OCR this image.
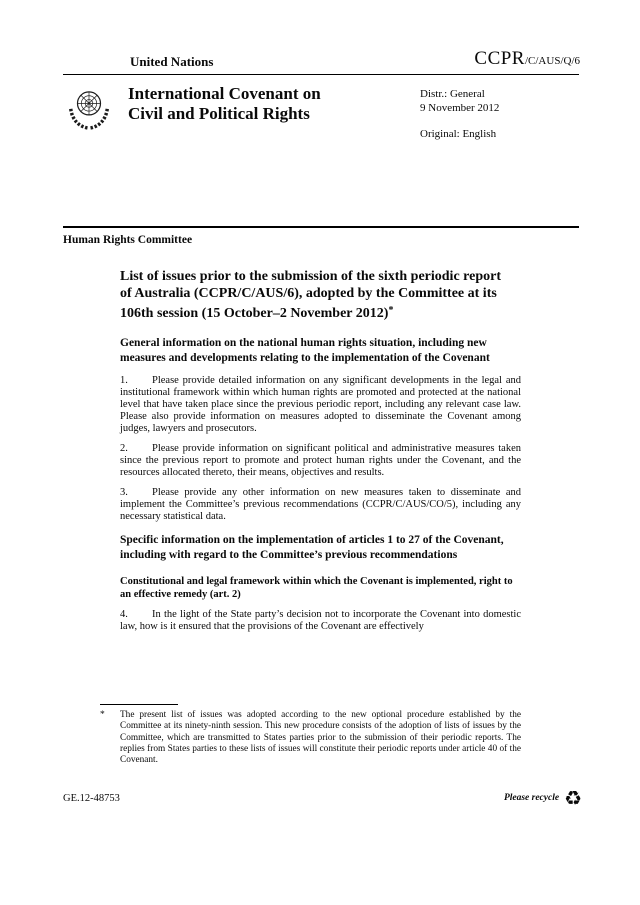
United Nations	CCPR/C/AUS/Q/6
International Covenant on
Civil and Political Rights
Distr.: General
9 November 2012
Original: English
Human Rights Committee
List of issues prior to the submission of the sixth periodic report of Australia (CCPR/C/AUS/6), adopted by the Committee at its 106th session (15 October–2 November 2012)*
General information on the national human rights situation, including new measures and developments relating to the implementation of the Covenant

1. Please provide detailed information on any significant developments in the legal and institutional framework within which human rights are promoted and protected at the national level that have taken place since the previous periodic report, including any relevant case law. Please also provide information on measures adopted to disseminate the Covenant among judges, lawyers and prosecutors.

2. Please provide information on significant political and administrative measures taken since the previous report to promote and protect human rights under the Covenant, and the resources allocated thereto, their means, objectives and results.

3. Please provide any other information on new measures taken to disseminate and implement the Committee’s previous recommendations (CCPR/C/AUS/CO/5), including any necessary statistical data.

Specific information on the implementation of articles 1 to 27 of the Covenant, including with regard to the Committee’s previous recommendations
Constitutional and legal framework within which the Covenant is implemented, right to an effective remedy (art. 2)

4. In the light of the State party’s decision not to incorporate the Covenant into domestic law, how is it ensured that the provisions of the Covenant are effectively

*	The present list of issues was adopted according to the new optional procedure established by the Committee at its ninety-ninth session. This new procedure consists of the adoption of lists of issues by the Committee, which are transmitted to States parties prior to the submission of their periodic reports. The replies from States parties to these lists of issues will constitute their periodic reports under article 40 of the Covenant.
GE.12-48753	Please recycle ♻
